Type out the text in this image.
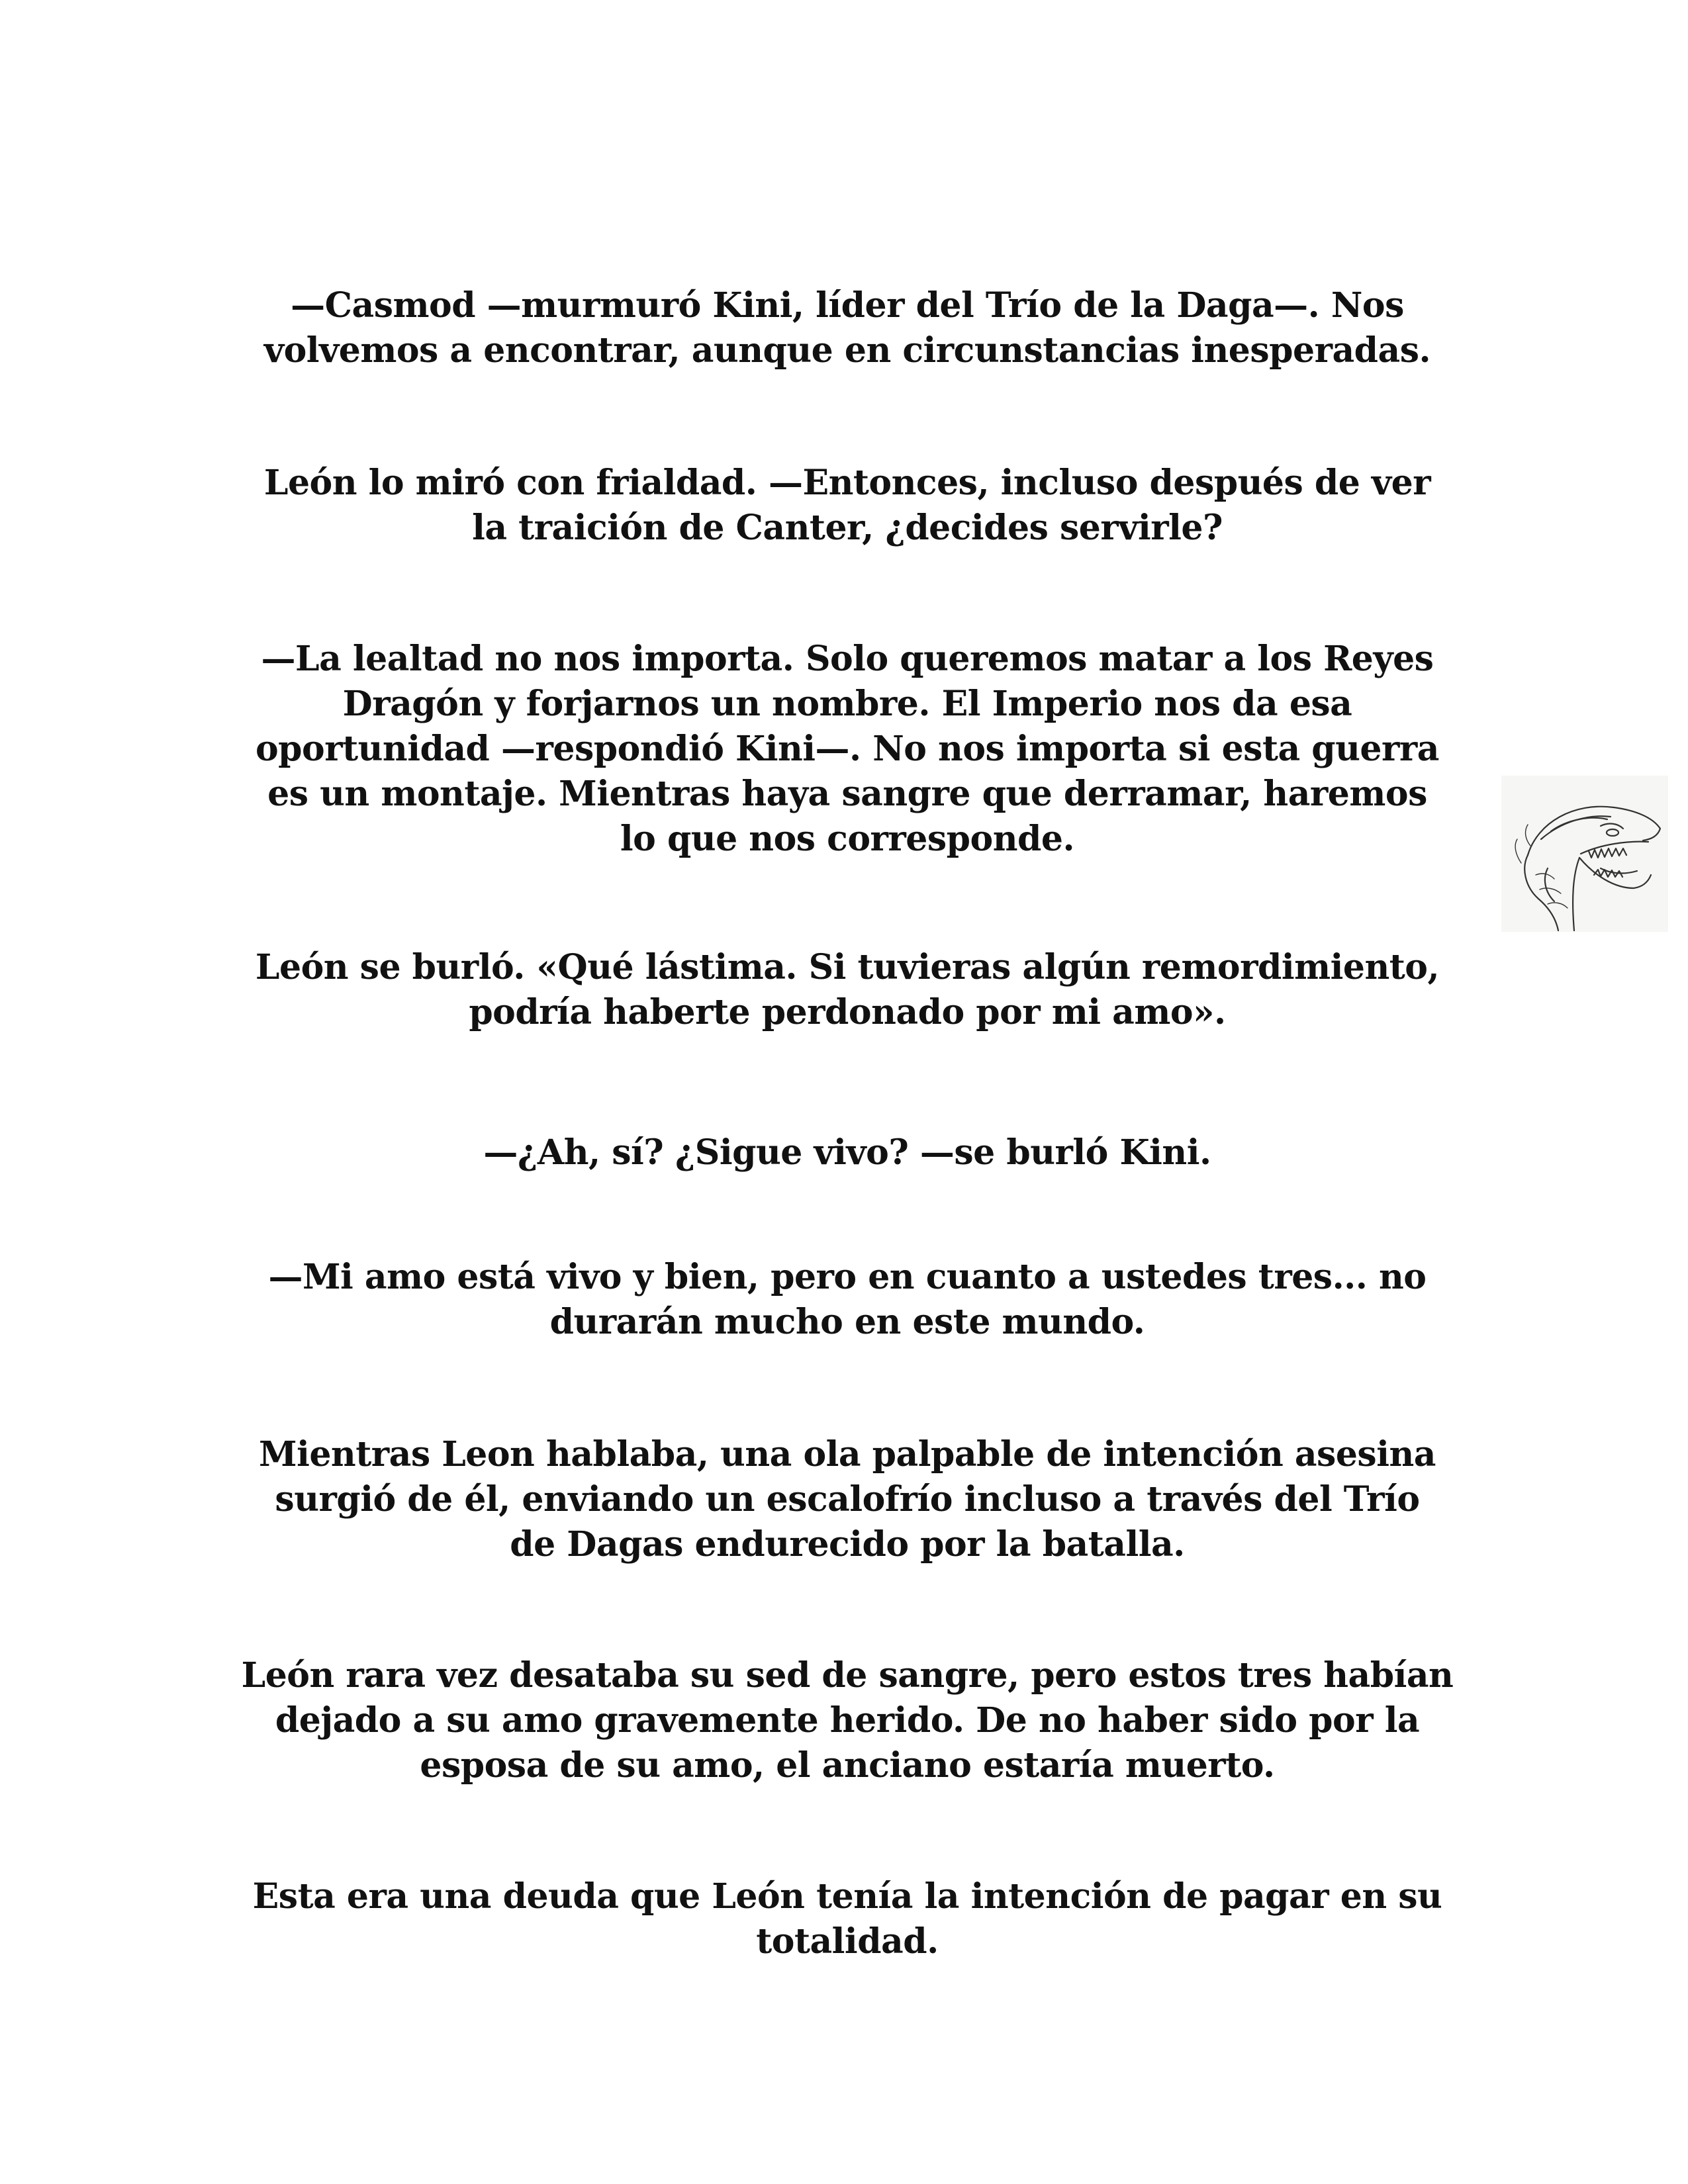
—Casmod —murmuró Kini, líder del Trío de la Daga—. Nos
volvemos a encontrar, aunque en circunstancias inesperadas.

León lo miró con frialdad. —Entonces, incluso después de ver
la traición de Canter, ¿decides servirle?

—La lealtad no nos importa. Solo queremos matar a los Reyes
Dragón y forjarnos un nombre. El Imperio nos da esa
oportunidad —respondió Kini—. No nos importa si esta guerra
es un montaje. Mientras haya sangre que derramar, haremos
lo que nos corresponde.

León se burló. «Qué lástima. Si tuvieras algún remordimiento,
podría haberte perdonado por mi amo».

—¿Ah, sí? ¿Sigue vivo? —se burló Kini.

—Mi amo está vivo y bien, pero en cuanto a ustedes tres... no
durarán mucho en este mundo.

Mientras Leon hablaba, una ola palpable de intención asesina
surgió de él, enviando un escalofrío incluso a través del Trío
de Dagas endurecido por la batalla.

León rara vez desataba su sed de sangre, pero estos tres habían
dejado a su amo gravemente herido. De no haber sido por la
esposa de su amo, el anciano estaría muerto.

Esta era una deuda que León tenía la intención de pagar en su
totalidad.
